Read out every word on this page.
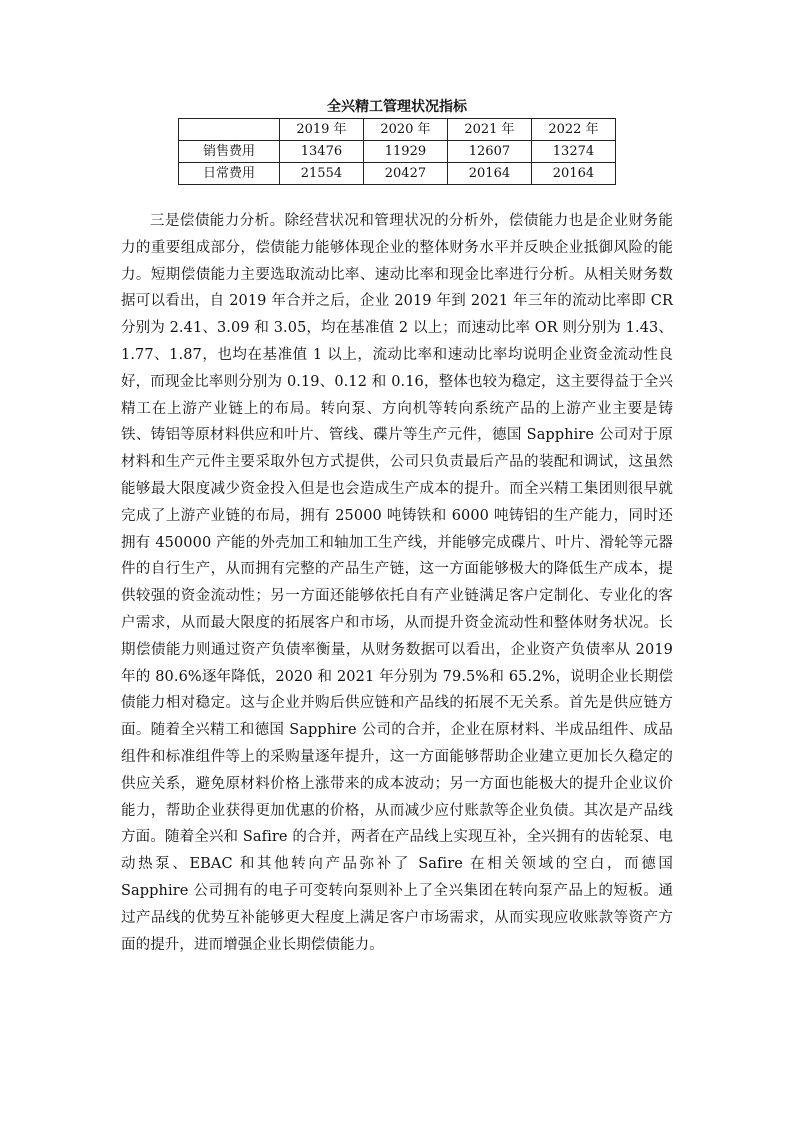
全兴精工管理状况指标
	2019 年	2020 年	2021 年	2022 年
销售费用	13476	11929	12607	13274
日常费用	21554	20427	20164	20164

三是偿债能力分析。除经营状况和管理状况的分析外，偿债能力也是企业财务能力的重要组成部分，偿债能力能够体现企业的整体财务水平并反映企业抵御风险的能力。短期偿债能力主要选取流动比率、速动比率和现金比率进行分析。从相关财务数据可以看出，自 2019 年合并之后，企业 2019 年到 2021 年三年的流动比率即 CR 分别为 2.41、3.09 和 3.05，均在基准值 2 以上；而速动比率 OR 则分别为 1.43、1.77、1.87，也均在基准值 1 以上，流动比率和速动比率均说明企业资金流动性良好，而现金比率则分别为 0.19、0.12 和 0.16，整体也较为稳定，这主要得益于全兴精工在上游产业链上的布局。转向泵、方向机等转向系统产品的上游产业主要是铸铁、铸铝等原材料供应和叶片、管线、碟片等生产元件，德国 Sapphire 公司对于原材料和生产元件主要采取外包方式提供，公司只负责最后产品的装配和调试，这虽然能够最大限度减少资金投入但是也会造成生产成本的提升。而全兴精工集团则很早就完成了上游产业链的布局，拥有 25000 吨铸铁和 6000 吨铸铝的生产能力，同时还拥有 450000 产能的外壳加工和轴加工生产线，并能够完成碟片、叶片、滑轮等元器件的自行生产，从而拥有完整的产品生产链，这一方面能够极大的降低生产成本，提供较强的资金流动性；另一方面还能够依托自有产业链满足客户定制化、专业化的客户需求，从而最大限度的拓展客户和市场，从而提升资金流动性和整体财务状况。长期偿债能力则通过资产负债率衡量，从财务数据可以看出，企业资产负债率从 2019 年的 80.6%逐年降低，2020 和 2021 年分别为 79.5%和 65.2%，说明企业长期偿债能力相对稳定。这与企业并购后供应链和产品线的拓展不无关系。首先是供应链方面。随着全兴精工和德国 Sapphire 公司的合并，企业在原材料、半成品组件、成品组件和标准组件等上的采购量逐年提升，这一方面能够帮助企业建立更加长久稳定的供应关系，避免原材料价格上涨带来的成本波动；另一方面也能极大的提升企业议价能力，帮助企业获得更加优惠的价格，从而减少应付账款等企业负债。其次是产品线方面。随着全兴和 Safire 的合并，两者在产品线上实现互补，全兴拥有的齿轮泵、电动热泵、EBAC 和其他转向产品弥补了 Safire 在相关领域的空白，而德国 Sapphire 公司拥有的电子可变转向泵则补上了全兴集团在转向泵产品上的短板。通过产品线的优势互补能够更大程度上满足客户市场需求，从而实现应收账款等资产方面的提升，进而增强企业长期偿债能力。
